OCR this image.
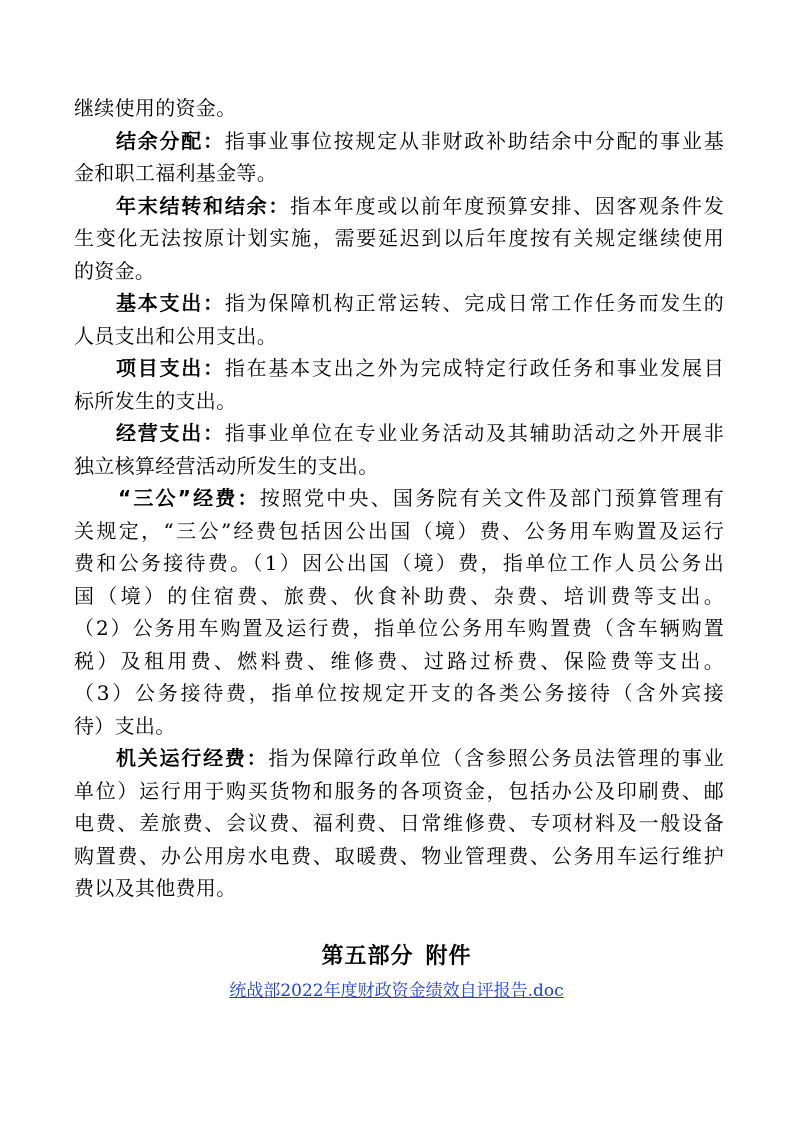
继续使用的资金。
结余分配：指事业事位按规定从非财政补助结余中分配的事业基
金和职工福利基金等。
年末结转和结余：指本年度或以前年度预算安排、因客观条件发
生变化无法按原计划实施，需要延迟到以后年度按有关规定继续使用
的资金。
基本支出：指为保障机构正常运转、完成日常工作任务而发生的
人员支出和公用支出。
项目支出：指在基本支出之外为完成特定行政任务和事业发展目
标所发生的支出。
经营支出：指事业单位在专业业务活动及其辅助活动之外开展非
独立核算经营活动所发生的支出。
“三公”经费：按照党中央、国务院有关文件及部门预算管理有
关规定，“三公”经费包括因公出国（境）费、公务用车购置及运行
费和公务接待费。（1）因公出国（境）费，指单位工作人员公务出
国（境）的住宿费、旅费、伙食补助费、杂费、培训费等支出。
（2）公务用车购置及运行费，指单位公务用车购置费（含车辆购置
税）及租用费、燃料费、维修费、过路过桥费、保险费等支出。
（3）公务接待费，指单位按规定开支的各类公务接待（含外宾接
待）支出。
机关运行经费：指为保障行政单位（含参照公务员法管理的事业
单位）运行用于购买货物和服务的各项资金，包括办公及印刷费、邮
电费、差旅费、会议费、福利费、日常维修费、专项材料及一般设备
购置费、办公用房水电费、取暖费、物业管理费、公务用车运行维护
费以及其他费用。
第五部分 附件
统战部2022年度财政资金绩效自评报告.doc
